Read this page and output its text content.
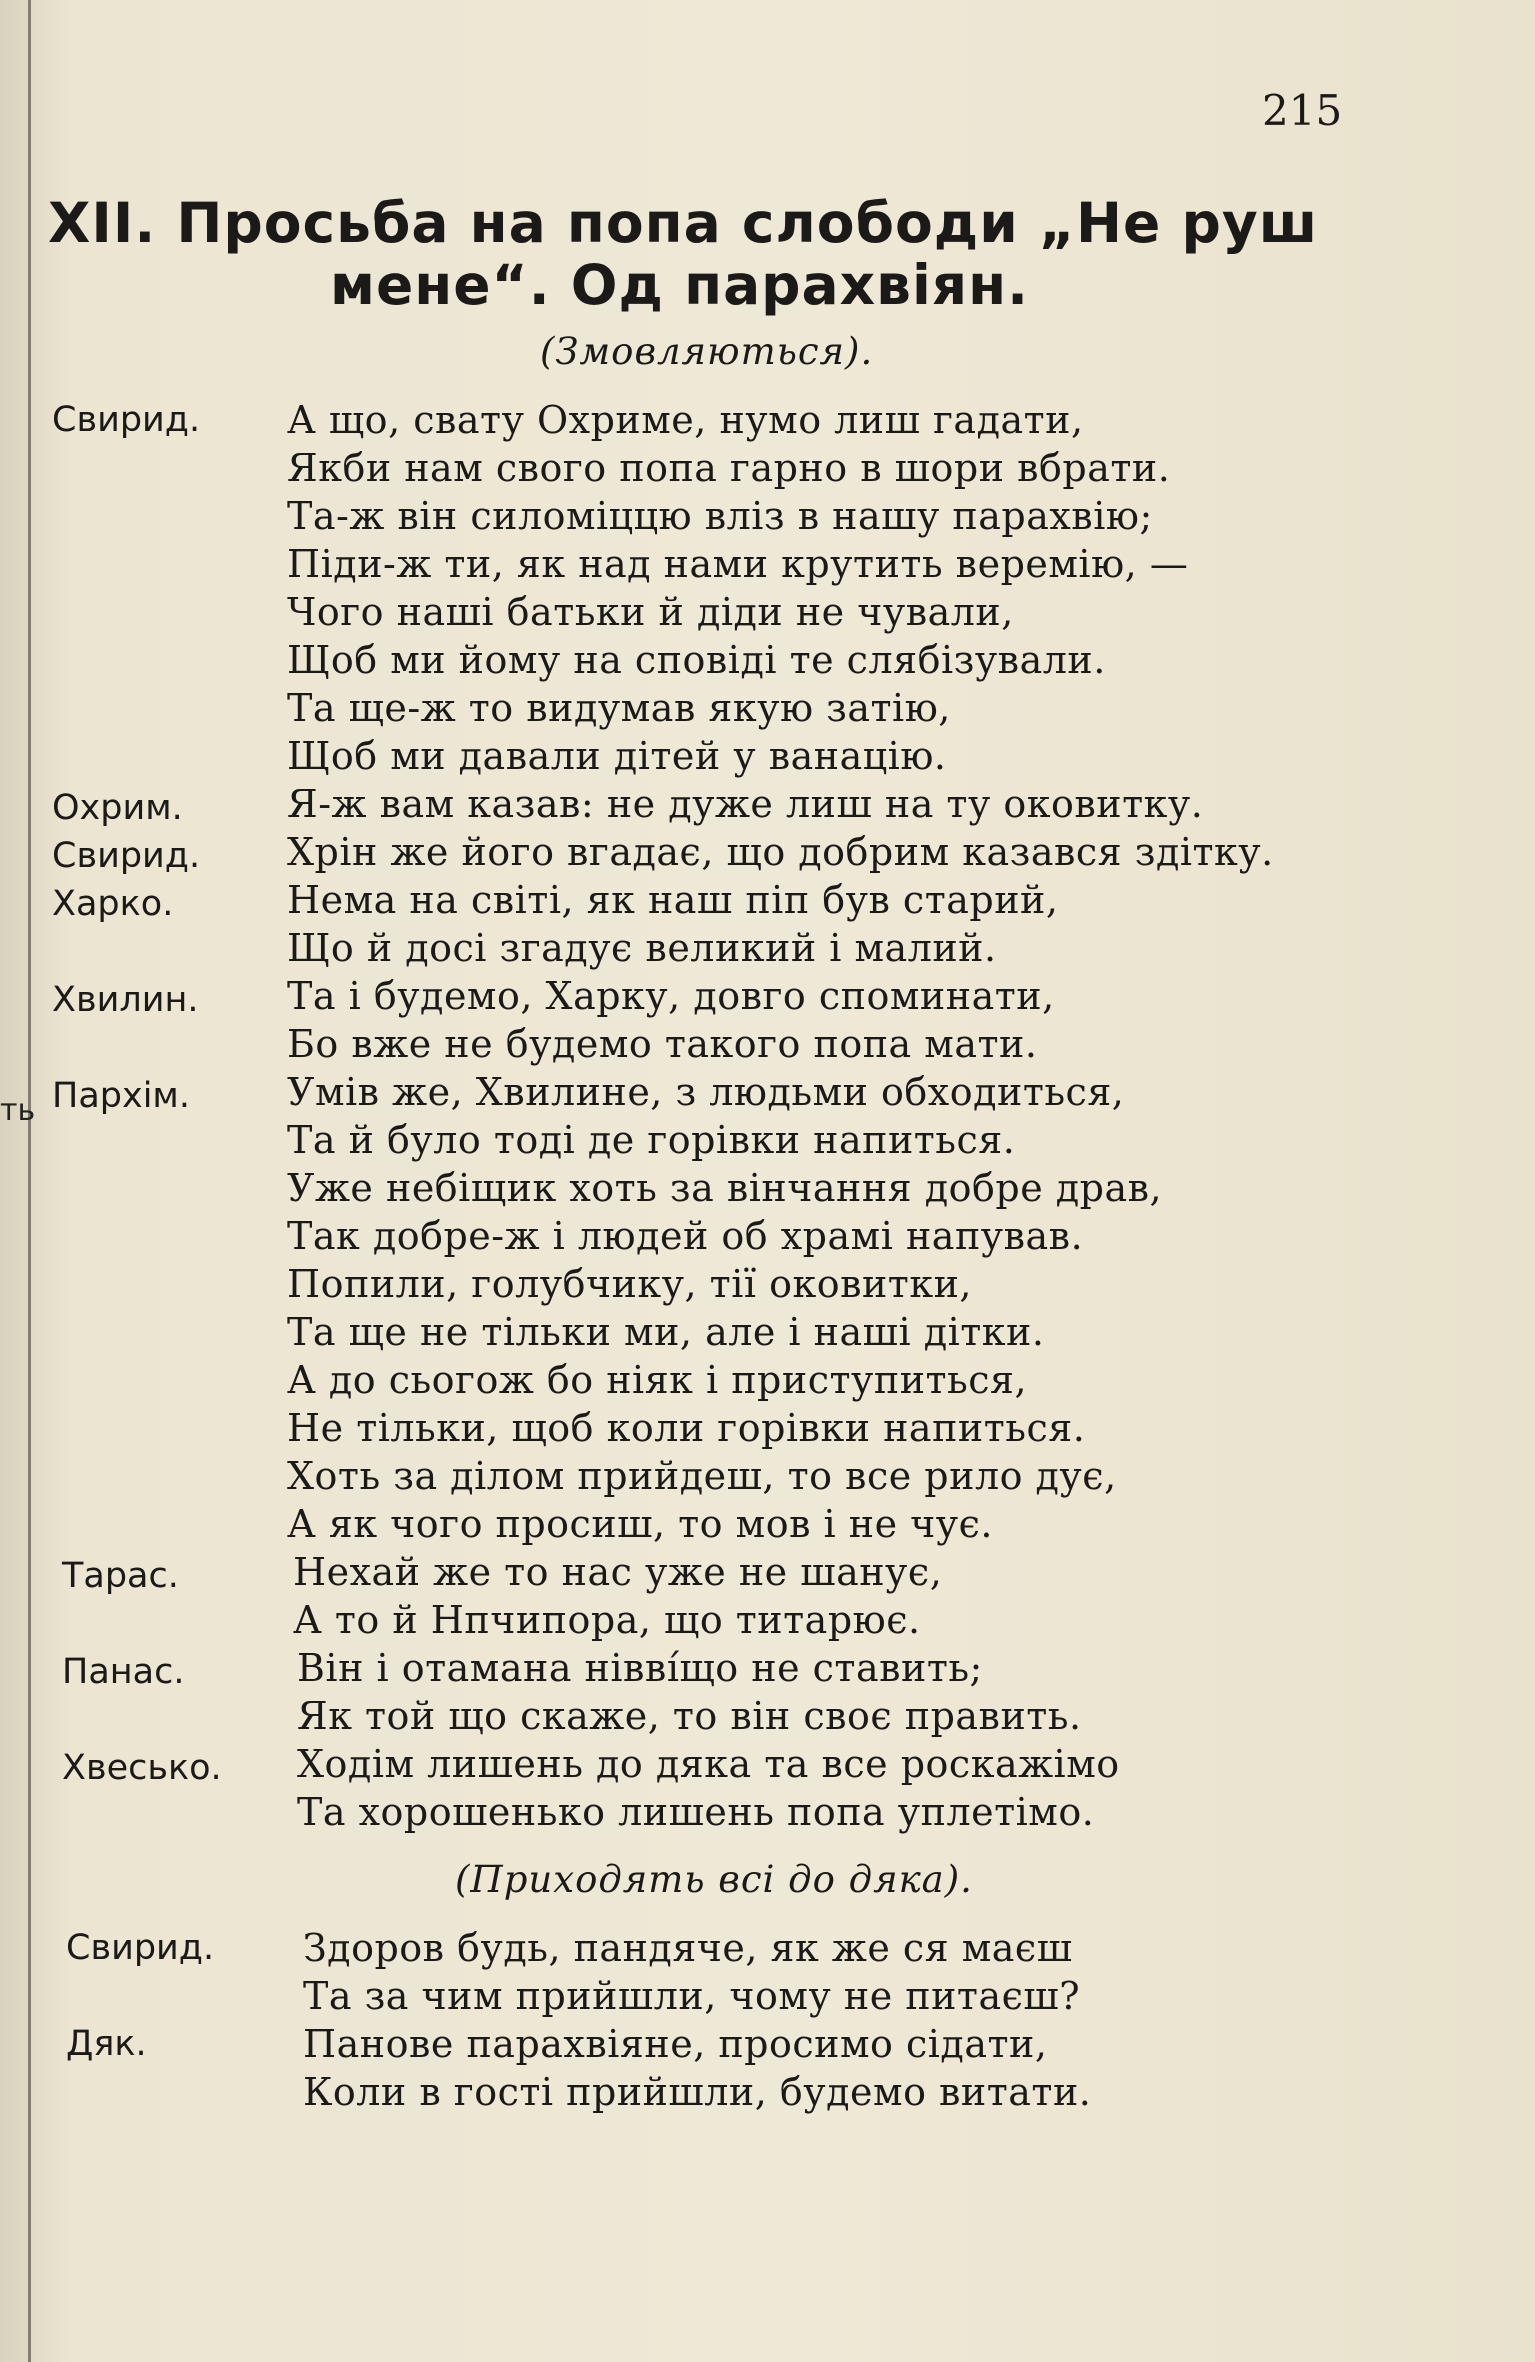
ть
215
XII. Просьба на попа слободи „Не руш
мене“. Од парахвіян.
(Змовляються).
Свирид.
Охрим.
Свирид.
Харко.
Хвилин.
Пархім.
Тарас.
Панас.
Хвесько.
Свирид.
Дяк.
А що, свату Охриме, нумо лиш гадати,
Якби нам свого попа гарно в шори вбрати.
Та-ж він силоміццю вліз в нашу парахвію;
Піди-ж ти, як над нами крутить веремію, —
Чого наші батьки й діди не чували,
Щоб ми йому на сповіді те слябізували.
Та ще-ж то видумав якую затію,
Щоб ми давали дітей у ванацію.
Я-ж вам казав: не дуже лиш на ту оковитку.
Хрін же його вгадає, що добрим казався здітку.
Нема на світі, як наш піп був старий,
Що й досі згадує великий і малий.
Та і будемо, Харку, довго споминати,
Бо вже не будемо такого попа мати.
Умів же, Хвилине, з людьми обходиться,
Та й було тоді де горівки напиться.
Уже небіщик хоть за вінчання добре драв,
Так добре-ж і людей об храмі напував.
Попили, голубчику, тії оковитки,
Та ще не тільки ми, але і наші дітки.
А до сьогож бо ніяк і приступиться,
Не тільки, щоб коли горівки напиться.
Хоть за ділом прийдеш, то все рило дує,
А як чого просиш, то мов і не чує.
Нехай же то нас уже не шанує,
А то й Нпчипора, що титарює.
Він і отамана нівві́що не ставить;
Як той що скаже, то він своє править.
Ходім лишень до дяка та все роскажімо
Та хорошенько лишень попа уплетімо.
(Приходять всі до дяка).
Здоров будь, пандяче, як же ся маєш
Та за чим прийшли, чому не питаєш?
Панове парахвіяне, просимо сідати,
Коли в гості прийшли, будемо витати.
